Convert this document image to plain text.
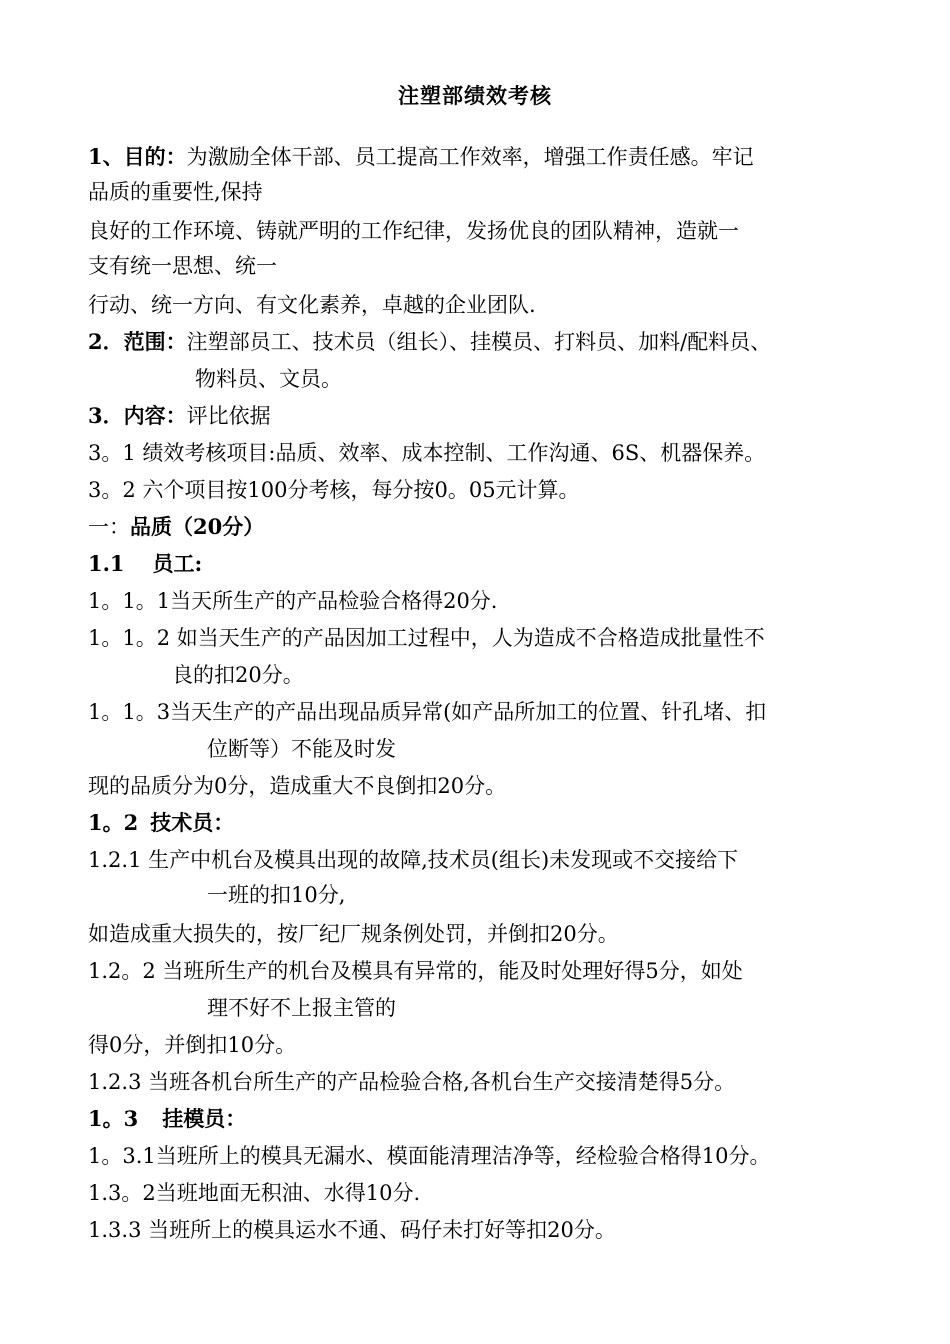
注塑部绩效考核
1、目的：为激励全体干部、员工提高工作效率，增强工作责任感。牢记
品质的重要性,保持
良好的工作环境、铸就严明的工作纪律，发扬优良的团队精神，造就一
支有统一思想、统一
行动、统一方向、有文化素养，卓越的企业团队.
2．范围：注塑部员工、技术员（组长）、挂模员、打料员、加料/配料员、
物料员、文员。
3．内容：评比依据
3。1 绩效考核项目:品质、效率、成本控制、工作沟通、6S、机器保养。
3。2 六个项目按100分考核，每分按0。05元计算。
一：品质（20分）
1.1 员工:
1。1。1当天所生产的产品检验合格得20分.
1。1。2 如当天生产的产品因加工过程中，人为造成不合格造成批量性不
良的扣20分。
1。1。3当天生产的产品出现品质异常(如产品所加工的位置、针孔堵、扣
位断等）不能及时发
现的品质分为0分，造成重大不良倒扣20分。
1。2 技术员：
1.2.1 生产中机台及模具出现的故障,技术员(组长)未发现或不交接给下
一班的扣10分,
如造成重大损失的，按厂纪厂规条例处罚，并倒扣20分。
1.2。2 当班所生产的机台及模具有异常的，能及时处理好得5分，如处
理不好不上报主管的
得0分，并倒扣10分。
1.2.3 当班各机台所生产的产品检验合格,各机台生产交接清楚得5分。
1。3 挂模员：
1。3.1当班所上的模具无漏水、模面能清理洁净等，经检验合格得10分。
1.3。2当班地面无积油、水得10分.
1.3.3 当班所上的模具运水不通、码仔未打好等扣20分。
